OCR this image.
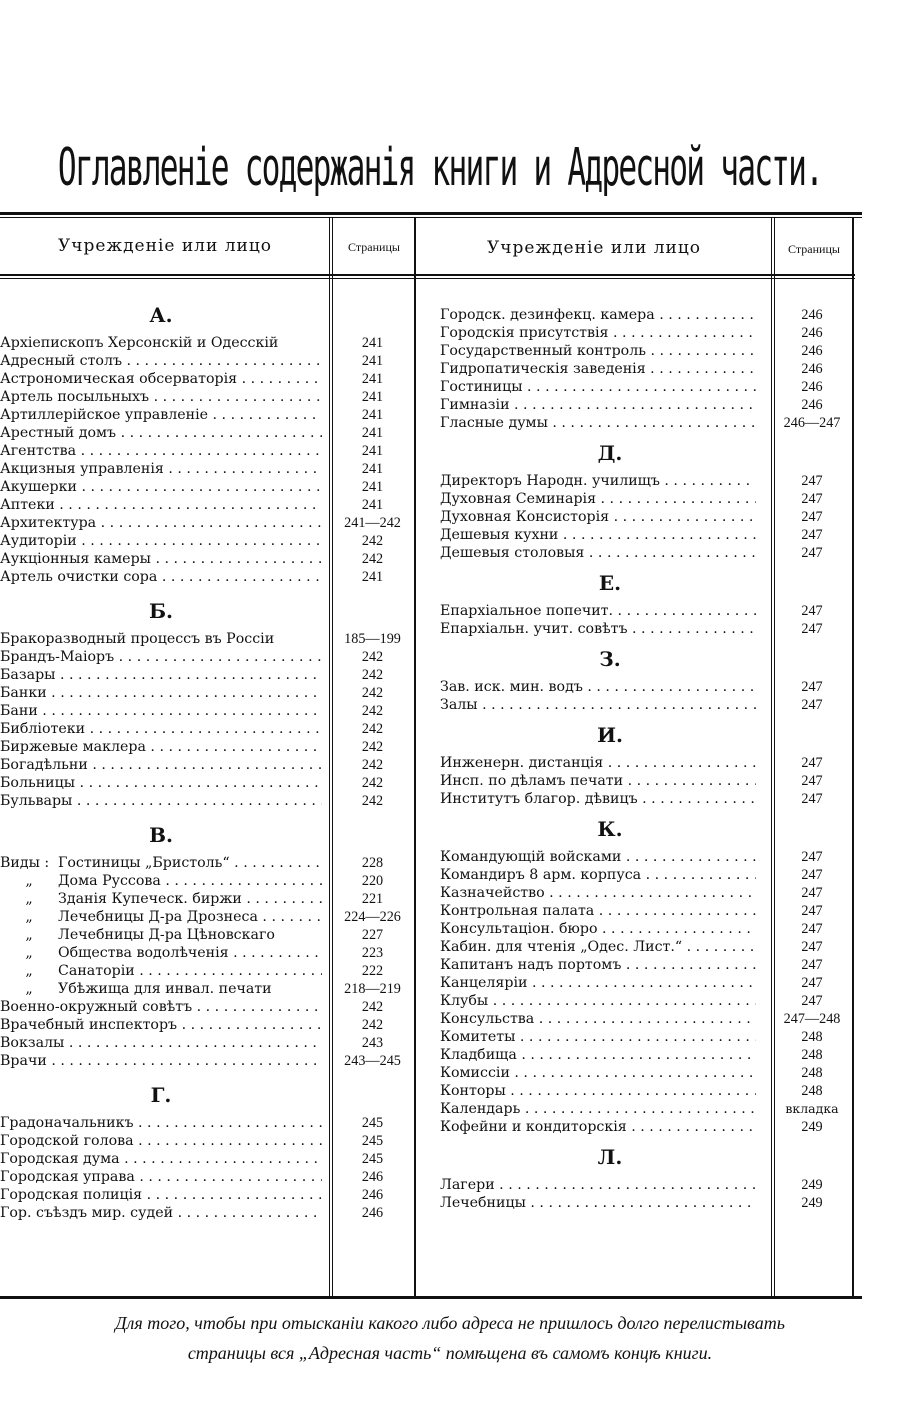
Оглавленіе содержанія книги и Адресной части.
Учрежденіе или лицо	Страницы	Учрежденіе или лицо	Страницы
А.
Архіепископъ Херсонскій и Одесскій	241
Адресный столъ . . .	241
Астрономическая обсерваторія . . .	241
Артель посыльныхъ . . .	241
Артиллерійское управленіе . . .	241
Арестный домъ . . .	241
Агентства . . .	241
Акцизныя управленія . . .	241
Акушерки . . .	241
Аптеки . . .	241
Архитектура . . .	241—242
Аудиторіи . . .	242
Аукціонныя камеры . . .	242
Артель очистки сора . . .	241
Б.
Бракоразводный процессъ въ Россіи	185—199
Брандъ-Маіоръ . . .	242
Базары . . .	242
Банки . . .	242
Бани . . .	242
Библіотеки . . .	242
Биржевые маклера . . .	242
Богадѣльни . . .	242
Больницы . . .	242
Бульвары . . .	242
В.
Виды : Гостиницы „Бристоль“ . . .	228
„	Дома Руссова . . .	220
„	Зданія Купеческ. биржи . . .	221
„	Лечебницы Д-ра Дрознеса . . .	224—226
„	Лечебницы Д-ра Цѣновскаго	227
„	Общества водолѣченія . . .	223
„	Санаторіи . . .	222
„	Убѣжища для инвал. печати	218—219
Военно-окружный совѣтъ . . .	242
Врачебный инспекторъ . . .	242
Вокзалы . . .	243
Врачи . . .	243—245
Г.
Градоначальникъ . . .	245
Городской голова . . .	245
Городская дума . . .	245
Городская управа . . .	246
Городская полиція . . .	246
Гор. съѣздъ мир. судей . . .	246
Городск. дезинфекц. камера . . .	246
Городскія присутствія . . .	246
Государственный контроль . . .	246
Гидропатическія заведенія . . .	246
Гостиницы . . .	246
Гимназіи . . .	246
Гласные думы . . .	246—247
Д.
Директоръ Народн. училищъ . . .	247
Духовная Семинарія . . .	247
Духовная Консисторія . . .	247
Дешевыя кухни . . .	247
Дешевыя столовыя . . .	247
Е.
Епархіальное попечит. . . .	247
Епархіальн. учит. совѣтъ . . .	247
З.
Зав. иск. мин. водъ . . .	247
Залы . . .	247
И.
Инженерн. дистанція . . .	247
Инсп. по дѣламъ печати . . .	247
Институтъ благор. дѣвицъ . . .	247
К.
Командующій войсками . . .	247
Командиръ 8 арм. корпуса . . .	247
Казначейство . . .	247
Контрольная палата . . .	247
Консультаціон. бюро . . .	247
Кабин. для чтенія „Одес. Лист.“ . . .	247
Капитанъ надъ портомъ . . .	247
Канцеляріи . . .	247
Клубы . . .	247
Консульства . . .	247—248
Комитеты . . .	248
Кладбища . . .	248
Комиссіи . . .	248
Конторы . . .	248
Календарь . . .	вкладка
Кофейни и кондиторскія . . .	249
Л.
Лагери . . .	249
Лечебницы . . .	249
Для того, чтобы при отысканіи какого либо адреса не пришлось долго перелистывать
страницы вся „Адресная часть“ помѣщена въ самомъ концѣ книги.
